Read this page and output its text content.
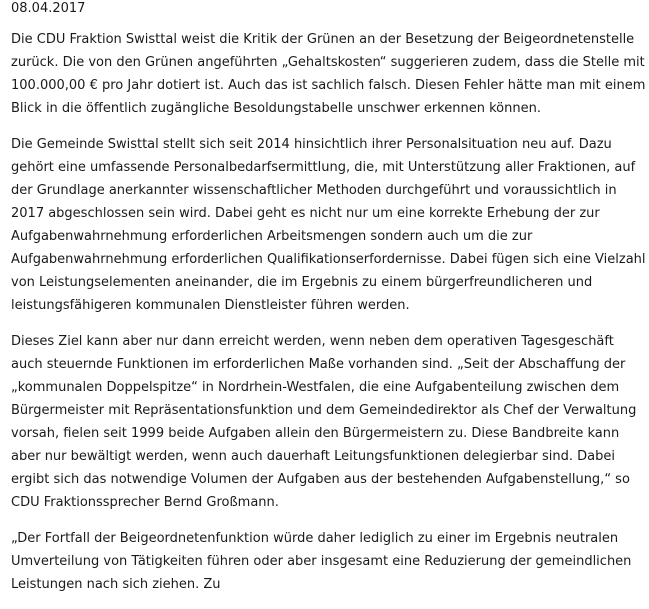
08.04.2017

Die CDU Fraktion Swisttal weist die Kritik der Grünen an der Besetzung der Beigeordnetenstelle zurück. Die von den Grünen angeführten „Gehaltskosten“ suggerieren zudem, dass die Stelle mit 100.000,00 € pro Jahr dotiert ist. Auch das ist sachlich falsch. Diesen Fehler hätte man mit einem Blick in die öffentlich zugängliche Besoldungstabelle unschwer erkennen können.

Die Gemeinde Swisttal stellt sich seit 2014 hinsichtlich ihrer Personalsituation neu auf. Dazu gehört eine umfassende Personalbedarfsermittlung, die, mit Unterstützung aller Fraktionen, auf der Grundlage anerkannter wissenschaftlicher Methoden durchgeführt und voraussichtlich in 2017 abgeschlossen sein wird. Dabei geht es nicht nur um eine korrekte Erhebung der zur Aufgabenwahrnehmung erforderlichen Arbeitsmengen sondern auch um die zur Aufgabenwahrnehmung erforderlichen Qualifikationserfordernisse. Dabei fügen sich eine Vielzahl von Leistungselementen aneinander, die im Ergebnis zu einem bürgerfreundlicheren und leistungsfähigeren kommunalen Dienstleister führen werden.

Dieses Ziel kann aber nur dann erreicht werden, wenn neben dem operativen Tagesgeschäft auch steuernde Funktionen im erforderlichen Maße vorhanden sind. „Seit der Abschaffung der „kommunalen Doppelspitze“ in Nordrhein-Westfalen, die eine Aufgabenteilung zwischen dem Bürgermeister mit Repräsentationsfunktion und dem Gemeindedirektor als Chef der Verwaltung vorsah, fielen seit 1999 beide Aufgaben allein den Bürgermeistern zu. Diese Bandbreite kann aber nur bewältigt werden, wenn auch dauerhaft Leitungsfunktionen delegierbar sind. Dabei ergibt sich das notwendige Volumen der Aufgaben aus der bestehenden Aufgabenstellung,“ so CDU Fraktionssprecher Bernd Großmann.

„Der Fortfall der Beigeordnetenfunktion würde daher lediglich zu einer im Ergebnis neutralen Umverteilung von Tätigkeiten führen oder aber insgesamt eine Reduzierung der gemeindlichen Leistungen nach sich ziehen. Zu
